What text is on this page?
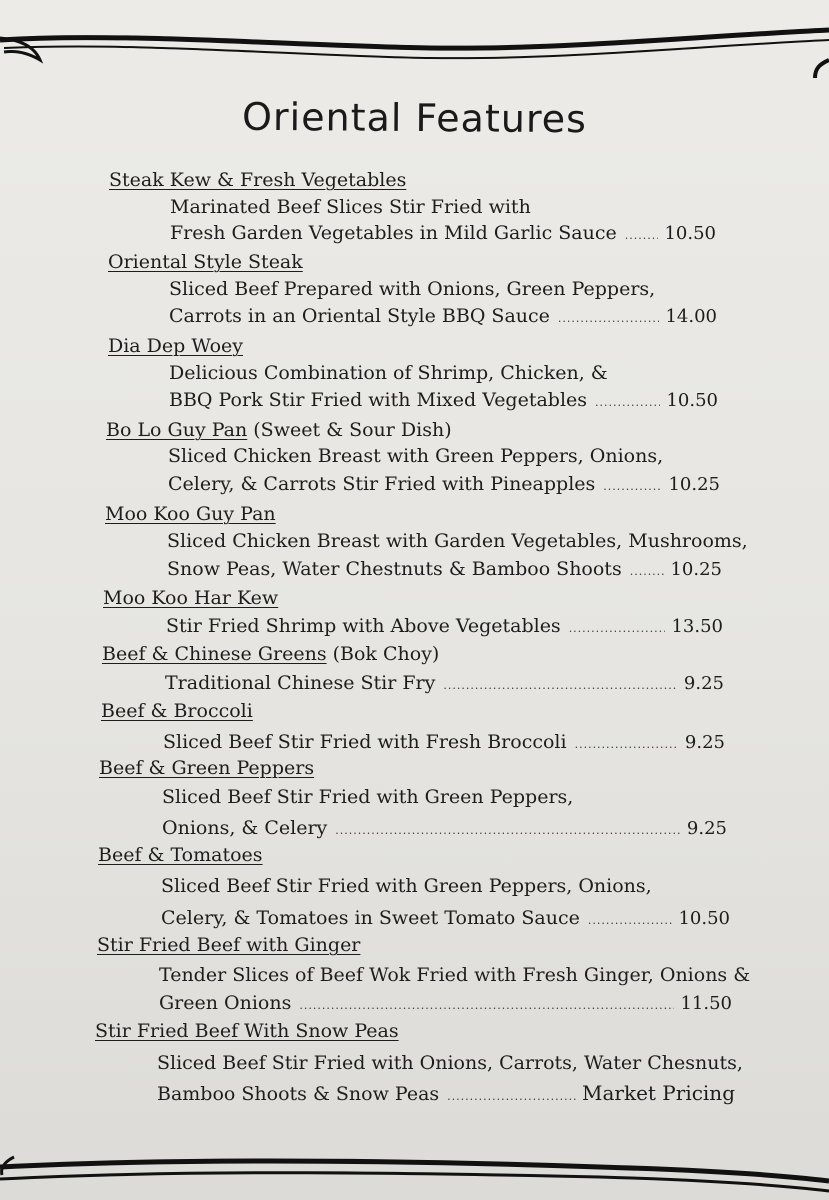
Oriental Features
Steak Kew & Fresh Vegetables
Marinated Beef Slices Stir Fried with
Fresh Garden Vegetables in Mild Garlic Sauce .....	10.50
Oriental Style Steak
Sliced Beef Prepared with Onions, Green Peppers,
Carrots in an Oriental Style BBQ Sauce .....	14.00
Dia Dep Woey
Delicious Combination of Shrimp, Chicken, &
BBQ Pork Stir Fried with Mixed Vegetables .....	10.50
Bo Lo Guy Pan (Sweet & Sour Dish)
Sliced Chicken Breast with Green Peppers, Onions,
Celery, & Carrots Stir Fried with Pineapples .....	10.25
Moo Koo Guy Pan
Sliced Chicken Breast with Garden Vegetables, Mushrooms,
Snow Peas, Water Chestnuts & Bamboo Shoots .....	10.25
Moo Koo Har Kew
Stir Fried Shrimp with Above Vegetables .....	13.50
Beef & Chinese Greens (Bok Choy)
Traditional Chinese Stir Fry .....	9.25
Beef & Broccoli
Sliced Beef Stir Fried with Fresh Broccoli .....	9.25
Beef & Green Peppers
Sliced Beef Stir Fried with Green Peppers,
Onions, & Celery .....	9.25
Beef & Tomatoes
Sliced Beef Stir Fried with Green Peppers, Onions,
Celery, & Tomatoes in Sweet Tomato Sauce .....	10.50
Stir Fried Beef with Ginger
Tender Slices of Beef Wok Fried with Fresh Ginger, Onions &
Green Onions .....	11.50
Stir Fried Beef With Snow Peas
Sliced Beef Stir Fried with Onions, Carrots, Water Chesnuts,
Bamboo Shoots & Snow Peas .....	Market Pricing
